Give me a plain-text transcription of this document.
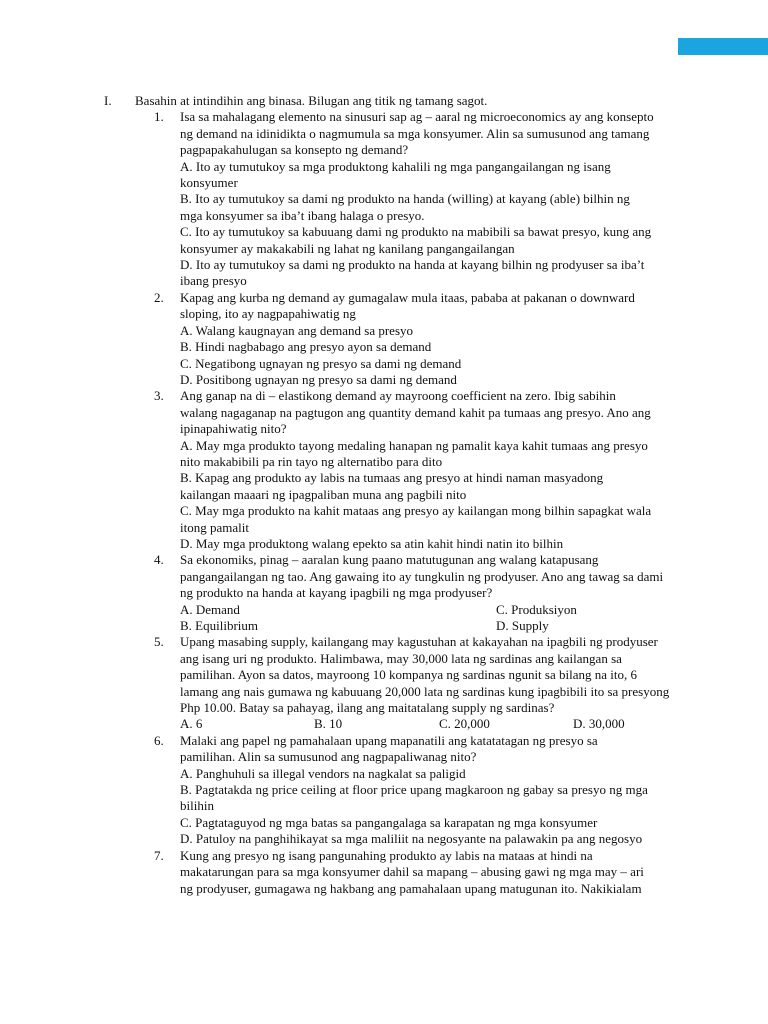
I.	Basahin at intindihin ang binasa. Bilugan ang titik ng tamang sagot.
1.	Isa sa mahalagang elemento na sinusuri sap ag – aaral ng microeconomics ay ang konsepto ng demand na idinidikta o nagmumula sa mga konsyumer. Alin sa sumusunod ang tamang pagpapakahulugan sa konsepto ng demand?
A. Ito ay tumutukoy sa mga produktong kahalili ng mga pangangailangan ng isang konsyumer
B. Ito ay tumutukoy sa dami ng produkto na handa (willing) at kayang (able) bilhin ng mga konsyumer sa iba’t ibang halaga o presyo.
C. Ito ay tumutukoy sa kabuuang dami ng produkto na mabibili sa bawat presyo, kung ang konsyumer ay makakabili ng lahat ng kanilang pangangailangan
D. Ito ay tumutukoy sa dami ng produkto na handa at kayang bilhin ng prodyuser sa iba’t ibang presyo
2.	Kapag ang kurba ng demand ay gumagalaw mula itaas, pababa at pakanan o downward sloping, ito ay nagpapahiwatig ng
A. Walang kaugnayan ang demand sa presyo
B. Hindi nagbabago ang presyo ayon sa demand
C. Negatibong ugnayan ng presyo sa dami ng demand
D. Positibong ugnayan ng presyo sa dami ng demand
3.	Ang ganap na di – elastikong demand ay mayroong coefficient na zero. Ibig sabihin walang nagaganap na pagtugon ang quantity demand kahit pa tumaas ang presyo. Ano ang ipinapahiwatig nito?
A. May mga produkto tayong medaling hanapan ng pamalit kaya kahit tumaas ang presyo nito makabibili pa rin tayo ng alternatibo para dito
B. Kapag ang produkto ay labis na tumaas ang presyo at hindi naman masyadong kailangan maaari ng ipagpaliban muna ang pagbili nito
C. May mga produkto na kahit mataas ang presyo ay kailangan mong bilhin sapagkat wala itong pamalit
D. May mga produktong walang epekto sa atin kahit hindi natin ito bilhin
4.	Sa ekonomiks, pinag – aaralan kung paano matutugunan ang walang katapusang pangangailangan ng tao. Ang gawaing ito ay tungkulin ng prodyuser. Ano ang tawag sa dami ng produkto na handa at kayang ipagbili ng mga prodyuser?
A. Demand	C. Produksiyon
B. Equilibrium	D. Supply
5.	Upang masabing supply, kailangang may kagustuhan at kakayahan na ipagbili ng prodyuser ang isang uri ng produkto. Halimbawa, may 30,000 lata ng sardinas ang kailangan sa pamilihan. Ayon sa datos, mayroong 10 kompanya ng sardinas ngunit sa bilang na ito, 6 lamang ang nais gumawa ng kabuuang 20,000 lata ng sardinas kung ipagbibili ito sa presyong Php 10.00. Batay sa pahayag, ilang ang maitatalang supply ng sardinas?
A. 6	B. 10	C. 20,000	D. 30,000
6.	Malaki ang papel ng pamahalaan upang mapanatili ang katatatagan ng presyo sa pamilihan. Alin sa sumusunod ang nagpapaliwanag nito?
A. Panghuhuli sa illegal vendors na nagkalat sa paligid
B. Pagtatakda ng price ceiling at floor price upang magkaroon ng gabay sa presyo ng mga bilihin
C. Pagtataguyod ng mga batas sa pangangalaga sa karapatan ng mga konsyumer
D. Patuloy na panghihikayat sa mga maliliit na negosyante na palawakin pa ang negosyo
7.	Kung ang presyo ng isang pangunahing produkto ay labis na mataas at hindi na makatarungan para sa mga konsyumer dahil sa mapang – abusing gawi ng mga may – ari ng prodyuser, gumagawa ng hakbang ang pamahalaan upang matugunan ito. Nakikialam
